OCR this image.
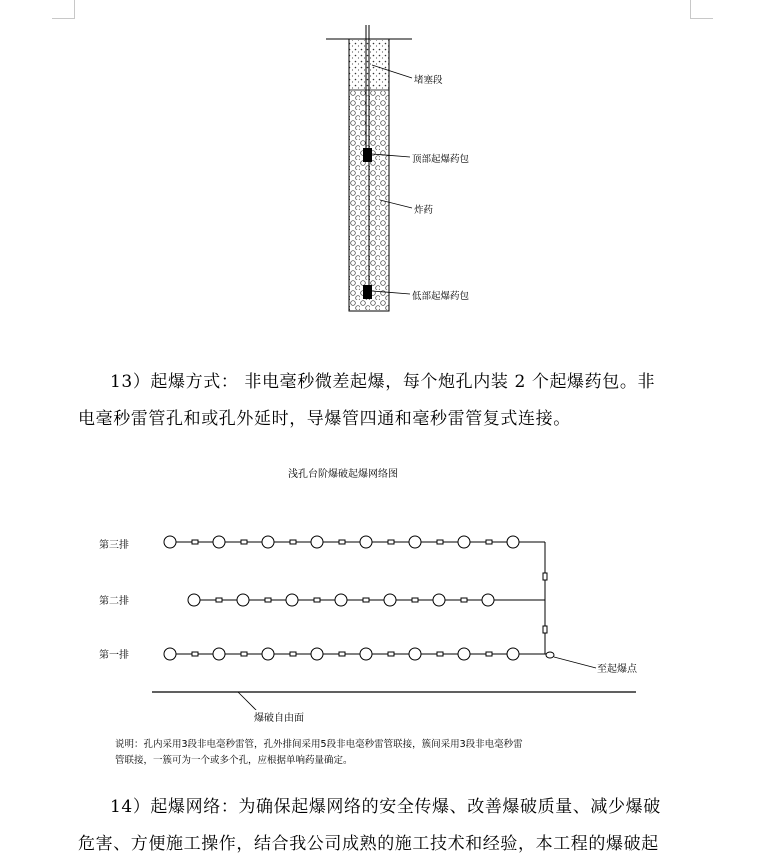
堵塞段
顶部起爆药包
炸药
低部起爆药包
13）起爆方式： 非电毫秒微差起爆，每个炮孔内装 2 个起爆药包。非
电毫秒雷管孔和或孔外延时，导爆管四通和毫秒雷管复式连接。
浅孔台阶爆破起爆网络图
第三排
第二排
第一排
至起爆点
爆破自由面
说明：孔内采用3段非电毫秒雷管，孔外排间采用5段非电毫秒雷管联接，簇间采用3段非电毫秒雷
管联接，一簇可为一个或多个孔，应根据单响药量确定。
14）起爆网络：为确保起爆网络的安全传爆、改善爆破质量、减少爆破
危害、方便施工操作，结合我公司成熟的施工技术和经验，本工程的爆破起
